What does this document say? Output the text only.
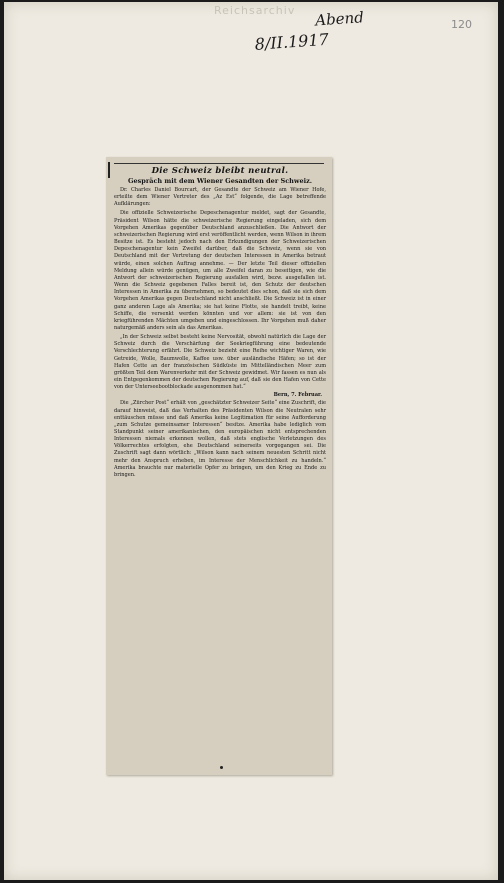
Reichsarchiv Abend
8/II.1917
120
Die Schweiz bleibt neutral.
Gespräch mit dem Wiener Gesandten der Schweiz.

Dr. Charles Daniel Bourcart, der Gesandte der Schweiz am Wiener Hofe, erteilte dem Wiener Vertreter des „Az Est“ folgende, die Lage betreffende Aufklärungen:

Die offizielle Schweizerische Depeschenagentur meldet, sagt der Gesandte, Präsident Wilson hätte die schweizerische Regierung eingeladen, sich dem Vorgehen Amerikas gegenüber Deutschland anzuschließen. Die Antwort der schweizerischen Regierung wird erst veröffentlicht werden, wenn Wilson in ihrem Besitze ist. Es besteht jedoch nach den Erkundigungen der Schweizerischen Depeschenagentur kein Zweifel darüber, daß die Schweiz, wenn sie von Deutschland mit der Vertretung der deutschen Interessen in Amerika betraut würde, einen solchen Auftrag annehme. — Der letzte Teil dieser offiziellen Meldung allein würde genügen, um alle Zweifel daran zu beseitigen, wie die Antwort der schweizerischen Regierung ausfallen wird, bezw. ausgefallen ist. Wenn die Schweiz gegebenen Falles bereit ist, den Schutz der deutschen Interessen in Amerika zu übernehmen, so bedeutet dies schon, daß sie sich dem Vorgehen Amerikas gegen Deutschland nicht anschließt. Die Schweiz ist in einer ganz anderen Lage als Amerika; sie hat keine Flotte, sie handelt treibt, keine Schiffe, die versenkt werden könnten und vor allem: sie ist von den kriegführenden Mächten umgeben und eingeschlossen. Ihr Vorgehen muß daher naturgemäß anders sein als das Amerikas.

„In der Schweiz selbst besteht keine Nervosität, obwohl natürlich die Lage der Schweiz durch die Verschärfung der Seekriegführung eine bedeutende Verschlechterung erfährt. Die Schweiz bezieht eine Reihe wichtiger Waren, wie Getreide, Wolle, Baumwolle, Kaffee usw. über ausländische Häfen; so ist der Hafen Cette an der französischen Südküste im Mittelländischen Meer zum größten Teil dem Warenverkehr mit der Schweiz gewidmet. Wir fassen es nun als ein Entgegenkommen der deutschen Regierung auf, daß sie den Hafen von Cette von der Unterseebootblockade ausgenommen hat.“

Bern, 7. Februar.

Die „Zürcher Post“ erhält von „geschätzter Schweizer Seite“ eine Zuschrift, die darauf hinweist, daß das Verhalten des Präsidenten Wilson die Neutralen sehr enttäuschen müsse und daß Amerika keine Legitimation für seine Aufforderung „zum Schutze gemeinsamer Interessen“ besitze. Amerika habe lediglich vom Standpunkt seiner amerikanischen, den europäischen nicht entsprechenden Interessen niemals erkennen wollen, daß stets englische Verletzungen des Völkerrechtes erfolgten, ehe Deutschland seinerseits vorgegangen sei. Die Zuschrift sagt dann wörtlich: „Wilson kann nach seinem neuesten Schritt nicht mehr den Anspruch erheben, im Interesse der Menschlichkeit zu handeln.“ Amerika brauchte nur materielle Opfer zu bringen, um den Krieg zu Ende zu bringen.
